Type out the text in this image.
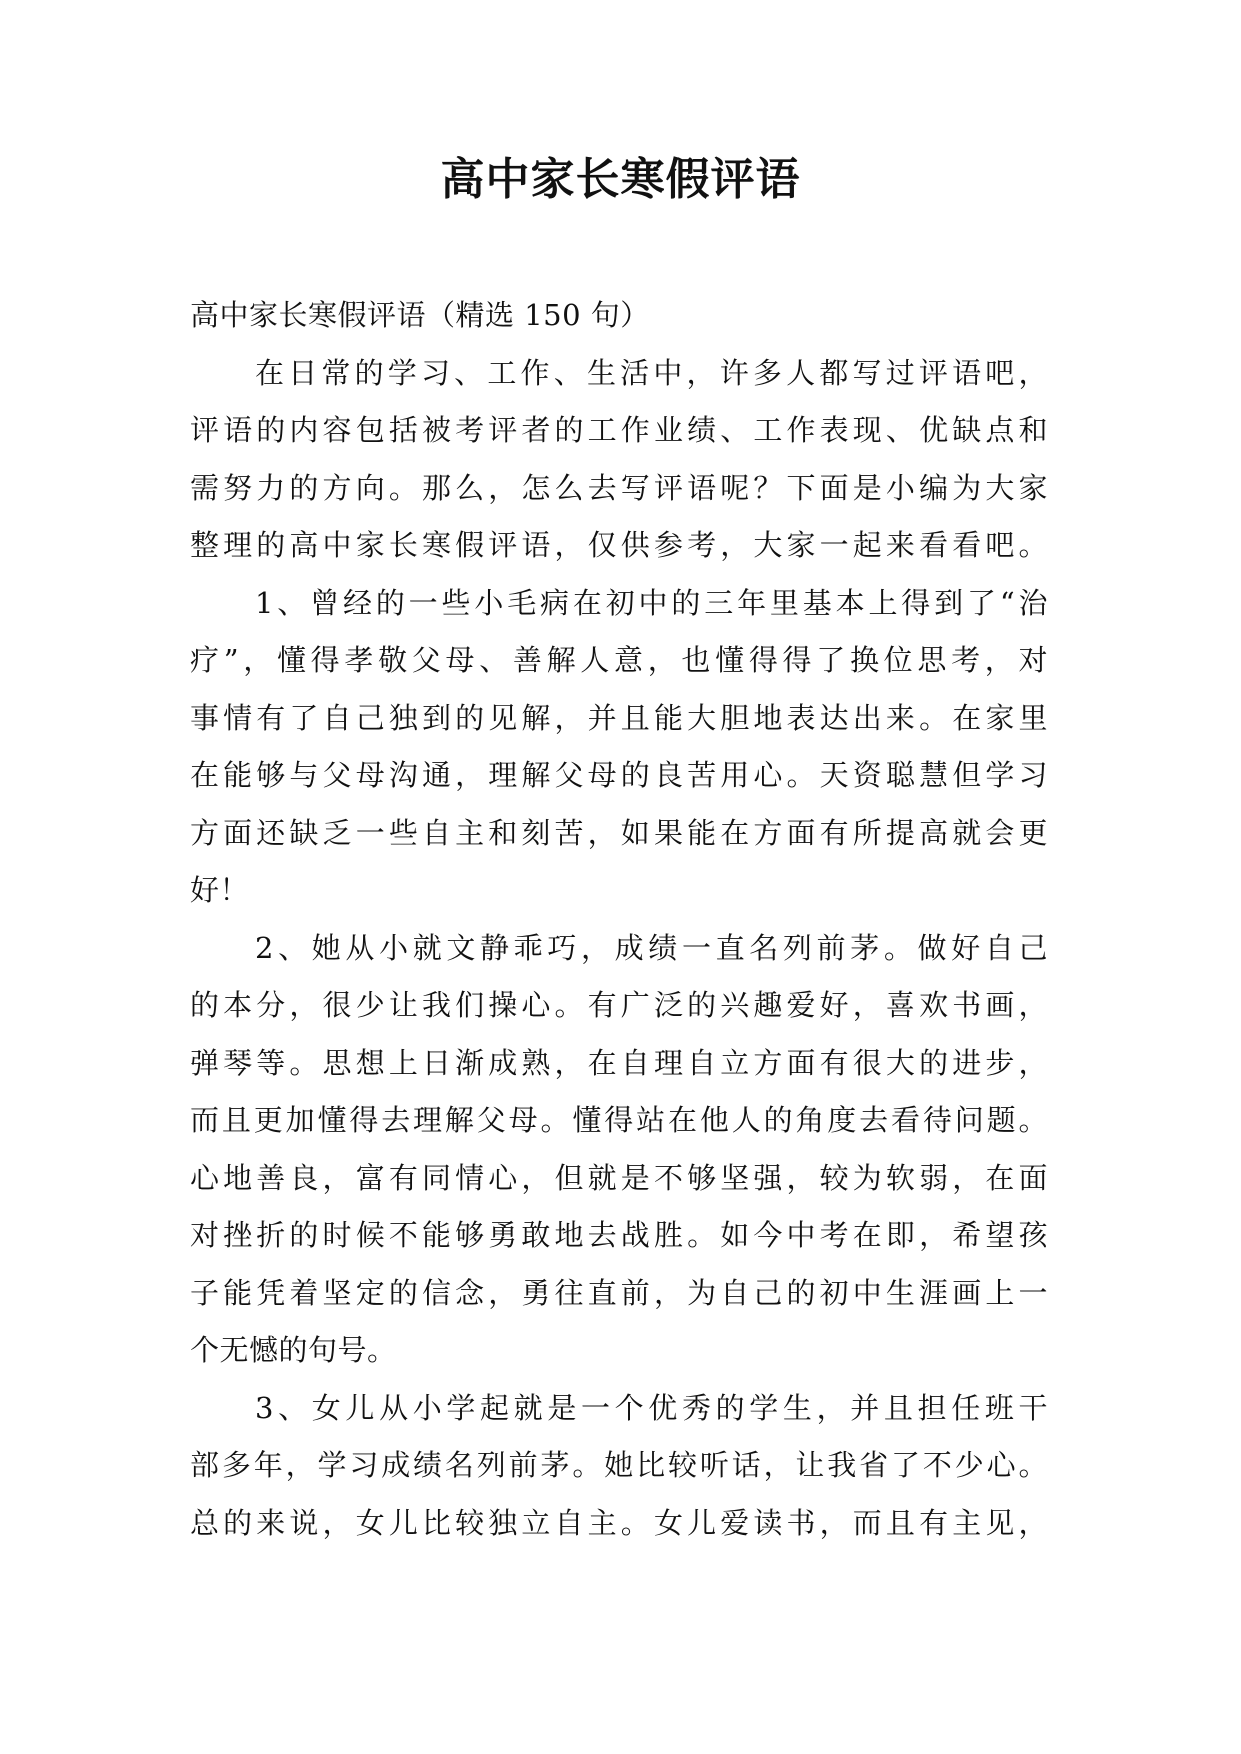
高中家长寒假评语
高中家长寒假评语（精选 150 句）
在日常的学习、工作、生活中，许多人都写过评语吧，
评语的内容包括被考评者的工作业绩、工作表现、优缺点和
需努力的方向。那么，怎么去写评语呢？下面是小编为大家
整理的高中家长寒假评语，仅供参考，大家一起来看看吧。
1、曾经的一些小毛病在初中的三年里基本上得到了“治
疗”，懂得孝敬父母、善解人意，也懂得得了换位思考，对
事情有了自己独到的见解，并且能大胆地表达出来。在家里
在能够与父母沟通，理解父母的良苦用心。天资聪慧但学习
方面还缺乏一些自主和刻苦，如果能在方面有所提高就会更
好！
2、她从小就文静乖巧，成绩一直名列前茅。做好自己
的本分，很少让我们操心。有广泛的兴趣爱好，喜欢书画，
弹琴等。思想上日渐成熟，在自理自立方面有很大的进步，
而且更加懂得去理解父母。懂得站在他人的角度去看待问题。
心地善良，富有同情心，但就是不够坚强，较为软弱，在面
对挫折的时候不能够勇敢地去战胜。如今中考在即，希望孩
子能凭着坚定的信念，勇往直前，为自己的初中生涯画上一
个无憾的句号。
3、女儿从小学起就是一个优秀的学生，并且担任班干
部多年，学习成绩名列前茅。她比较听话，让我省了不少心。
总的来说，女儿比较独立自主。女儿爱读书，而且有主见，
